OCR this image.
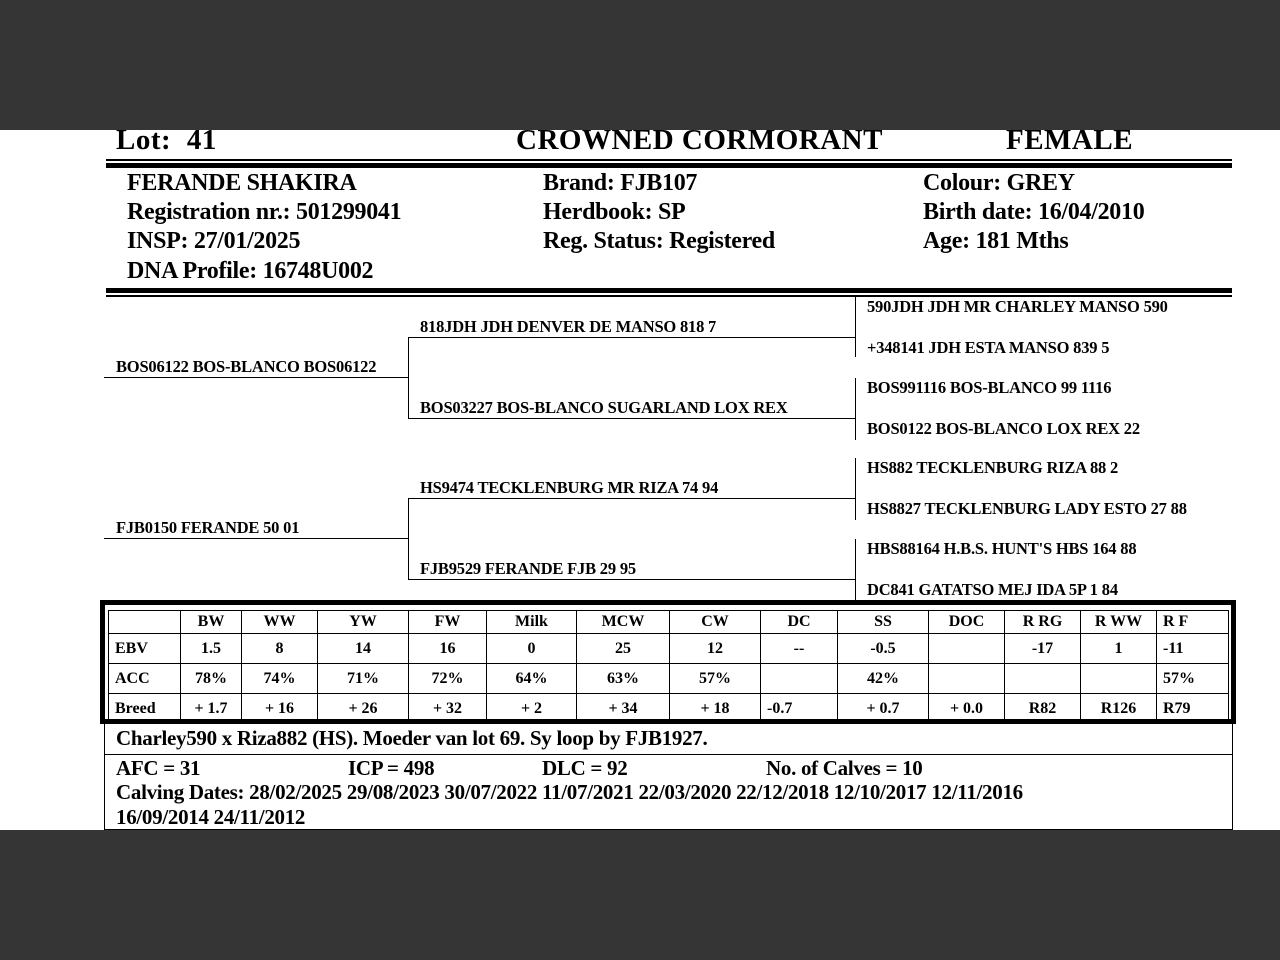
Lot: 41	CROWNED CORMORANT	FEMALE
FERANDE SHAKIRA
Registration nr.: 501299041
INSP: 27/01/2025
DNA Profile: 16748U002
Brand: FJB107
Herdbook: SP
Reg. Status: Registered
Colour: GREY
Birth date: 16/04/2010
Age: 181 Mths
BOS06122 BOS-BLANCO BOS06122
FJB0150 FERANDE 50 01
818JDH JDH DENVER DE MANSO 818 7
BOS03227 BOS-BLANCO SUGARLAND LOX REX
HS9474 TECKLENBURG MR RIZA 74 94
FJB9529 FERANDE FJB 29 95
590JDH JDH MR CHARLEY MANSO 590
+348141 JDH ESTA MANSO 839 5
BOS991116 BOS-BLANCO 99 1116
BOS0122 BOS-BLANCO LOX REX 22
HS882 TECKLENBURG RIZA 88 2
HS8827 TECKLENBURG LADY ESTO 27 88
HBS88164 H.B.S. HUNT'S HBS 164 88
DC841 GATATSO MEJ IDA 5P 1 84
	BW	WW	YW	FW	Milk	MCW	CW	DC	SS	DOC	R RG	R WW	R F
EBV	1.5	8	14	16	0	25	12	--	-0.5		-17	1	-11
ACC	78%	74%	71%	72%	64%	63%	57%		42%				57%
Breed	+ 1.7	+ 16	+ 26	+ 32	+ 2	+ 34	+ 18	-0.7	+ 0.7	+ 0.0	R82	R126	R79
Charley590 x Riza882 (HS). Moeder van lot 69. Sy loop by FJB1927.
AFC = 31	ICP = 498	DLC = 92	No. of Calves = 10
Calving Dates: 28/02/2025 29/08/2023 30/07/2022 11/07/2021 22/03/2020 22/12/2018 12/10/2017 12/11/2016
16/09/2014 24/11/2012
